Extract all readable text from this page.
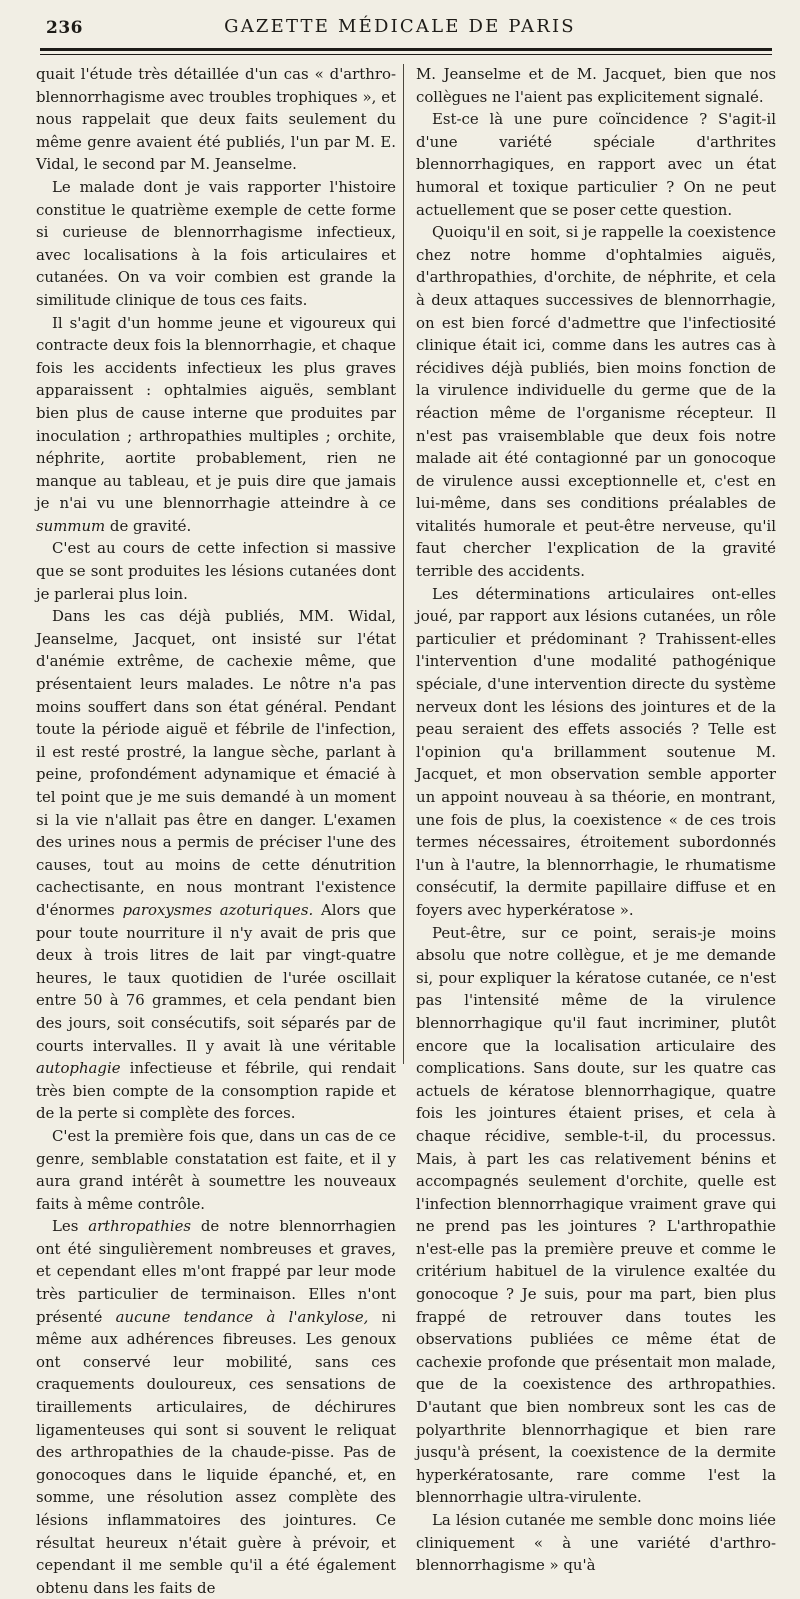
236	GAZETTE MÉDICALE DE PARIS

quait l'étude très détaillée d'un cas « d'arthro-blennorrhagisme avec troubles trophiques », et nous rappelait que deux faits seulement du même genre avaient été publiés, l'un par M. E. Vidal, le second par M. Jeanselme.

Le malade dont je vais rapporter l'histoire constitue le quatrième exemple de cette forme si curieuse de blennorrhagisme infectieux, avec localisations à la fois articulaires et cutanées. On va voir combien est grande la similitude clinique de tous ces faits.

Il s'agit d'un homme jeune et vigoureux qui contracte deux fois la blennorrhagie, et chaque fois les accidents infectieux les plus graves apparaissent : ophtalmies aiguës, semblant bien plus de cause interne que produites par inoculation ; arthropathies multiples ; orchite, néphrite, aortite probablement, rien ne manque au tableau, et je puis dire que jamais je n'ai vu une blennorrhagie atteindre à ce summum de gravité.

C'est au cours de cette infection si massive que se sont produites les lésions cutanées dont je parlerai plus loin.

Dans les cas déjà publiés, MM. Widal, Jeanselme, Jacquet, ont insisté sur l'état d'anémie extrême, de cachexie même, que présentaient leurs malades. Le nôtre n'a pas moins souffert dans son état général. Pendant toute la période aiguë et fébrile de l'infection, il est resté prostré, la langue sèche, parlant à peine, profondément adynamique et émacié à tel point que je me suis demandé à un moment si la vie n'allait pas être en danger. L'examen des urines nous a permis de préciser l'une des causes, tout au moins de cette dénutrition cachectisante, en nous montrant l'existence d'énormes paroxysmes azoturiques. Alors que pour toute nourriture il n'y avait de pris que deux à trois litres de lait par vingt-quatre heures, le taux quotidien de l'urée oscillait entre 50 à 76 grammes, et cela pendant bien des jours, soit consécutifs, soit séparés par de courts intervalles. Il y avait là une véritable autophagie infectieuse et fébrile, qui rendait très bien compte de la consomption rapide et de la perte si complète des forces.

C'est la première fois que, dans un cas de ce genre, semblable constatation est faite, et il y aura grand intérêt à soumettre les nouveaux faits à même contrôle.

Les arthropathies de notre blennorrhagien ont été singulièrement nombreuses et graves, et cependant elles m'ont frappé par leur mode très particulier de terminaison. Elles n'ont présenté aucune tendance à l'ankylose, ni même aux adhérences fibreuses. Les genoux ont conservé leur mobilité, sans ces craquements douloureux, ces sensations de tiraillements articulaires, de déchirures ligamenteuses qui sont si souvent le reliquat des arthropathies de la chaude-pisse. Pas de gonocoques dans le liquide épanché, et, en somme, une résolution assez complète des lésions inflammatoires des jointures. Ce résultat heureux n'était guère à prévoir, et cependant il me semble qu'il a été également obtenu dans les faits de

M. Jeanselme et de M. Jacquet, bien que nos collègues ne l'aient pas explicitement signalé.

Est-ce là une pure coïncidence ? S'agit-il d'une variété spéciale d'arthrites blennorrhagiques, en rapport avec un état humoral et toxique particulier ? On ne peut actuellement que se poser cette question.

Quoiqu'il en soit, si je rappelle la coexistence chez notre homme d'ophtalmies aiguës, d'arthropathies, d'orchite, de néphrite, et cela à deux attaques successives de blennorrhagie, on est bien forcé d'admettre que l'infectiosité clinique était ici, comme dans les autres cas à récidives déjà publiés, bien moins fonction de la virulence individuelle du germe que de la réaction même de l'organisme récepteur. Il n'est pas vraisemblable que deux fois notre malade ait été contagionné par un gonocoque de virulence aussi exceptionnelle et, c'est en lui-même, dans ses conditions préalables de vitalités humorale et peut-être nerveuse, qu'il faut chercher l'explication de la gravité terrible des accidents.

Les déterminations articulaires ont-elles joué, par rapport aux lésions cutanées, un rôle particulier et prédominant ? Trahissent-elles l'intervention d'une modalité pathogénique spéciale, d'une intervention directe du système nerveux dont les lésions des jointures et de la peau seraient des effets associés ? Telle est l'opinion qu'a brillamment soutenue M. Jacquet, et mon observation semble apporter un appoint nouveau à sa théorie, en montrant, une fois de plus, la coexistence « de ces trois termes nécessaires, étroitement subordonnés l'un à l'autre, la blennorrhagie, le rhumatisme consécutif, la dermite papillaire diffuse et en foyers avec hyperkératose ».

Peut-être, sur ce point, serais-je moins absolu que notre collègue, et je me demande si, pour expliquer la kératose cutanée, ce n'est pas l'intensité même de la virulence blennorrhagique qu'il faut incriminer, plutôt encore que la localisation articulaire des complications. Sans doute, sur les quatre cas actuels de kératose blennorrhagique, quatre fois les jointures étaient prises, et cela à chaque récidive, semble-t-il, du processus. Mais, à part les cas relativement bénins et accompagnés seulement d'orchite, quelle est l'infection blennorrhagique vraiment grave qui ne prend pas les jointures ? L'arthropathie n'est-elle pas la première preuve et comme le critérium habituel de la virulence exaltée du gonocoque ? Je suis, pour ma part, bien plus frappé de retrouver dans toutes les observations publiées ce même état de cachexie profonde que présentait mon malade, que de la coexistence des arthropathies. D'autant que bien nombreux sont les cas de polyarthrite blennorrhagique et bien rare jusqu'à présent, la coexistence de la dermite hyperkératosante, rare comme l'est la blennorrhagie ultra-virulente.

La lésion cutanée me semble donc moins liée cliniquement « à une variété d'arthro-blennorrhagisme » qu'à
